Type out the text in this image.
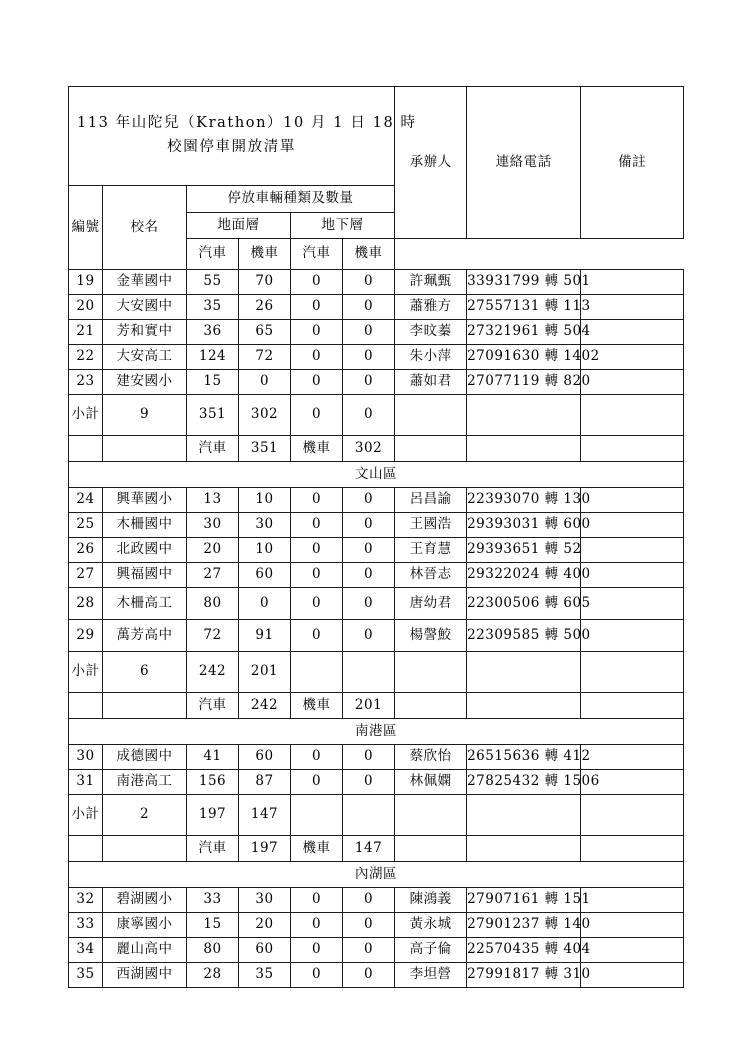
113 年山陀兒（Krathon）10 月 1 日 18 時
校園停車開放清單						承辦人	連絡電話	備註

編號	校名	停放車輛種類及數量						
		地面層		地下層				
		汽車	機車	汽車	機車			
19	金華國中	55	70	0	0	許珮甄	33931799 轉 501	
20	大安國中	35	26	0	0	蕭雅方	27557131 轉 113	
21	芳和實中	36	65	0	0	李旼蓁	27321961 轉 504	
22	大安高工	124	72	0	0	朱小萍	27091630 轉 1402	
23	建安國小	15	0	0	0	蕭如君	27077119 轉 820	
小計	9	351	302	0	0			
		汽車	351	機車	302			
文山區								
24	興華國小	13	10	0	0	呂昌諭	22393070 轉 130	
25	木柵國中	30	30	0	0	王國浩	29393031 轉 600	
26	北政國中	20	10	0	0	王育慧	29393651 轉 52	
27	興福國中	27	60	0	0	林晉志	29322024 轉 400	
28	木柵高工	80	0	0	0	唐幼君	22300506 轉 605	
29	萬芳高中	72	91	0	0	楊謦鮫	22309585 轉 500	
小計	6	242	201					
		汽車	242	機車	201			
南港區								
30	成德國中	41	60	0	0	蔡欣怡	26515636 轉 412	
31	南港高工	156	87	0	0	林佩嫻	27825432 轉 1506	
小計	2	197	147					
		汽車	197	機車	147			
內湖區								
32	碧湖國小	33	30	0	0	陳鴻義	27907161 轉 151	
33	康寧國小	15	20	0	0	黃永城	27901237 轉 140	
34	麗山高中	80	60	0	0	高子倫	22570435 轉 404	
35	西湖國中	28	35	0	0	李坦營	27991817 轉 310	
